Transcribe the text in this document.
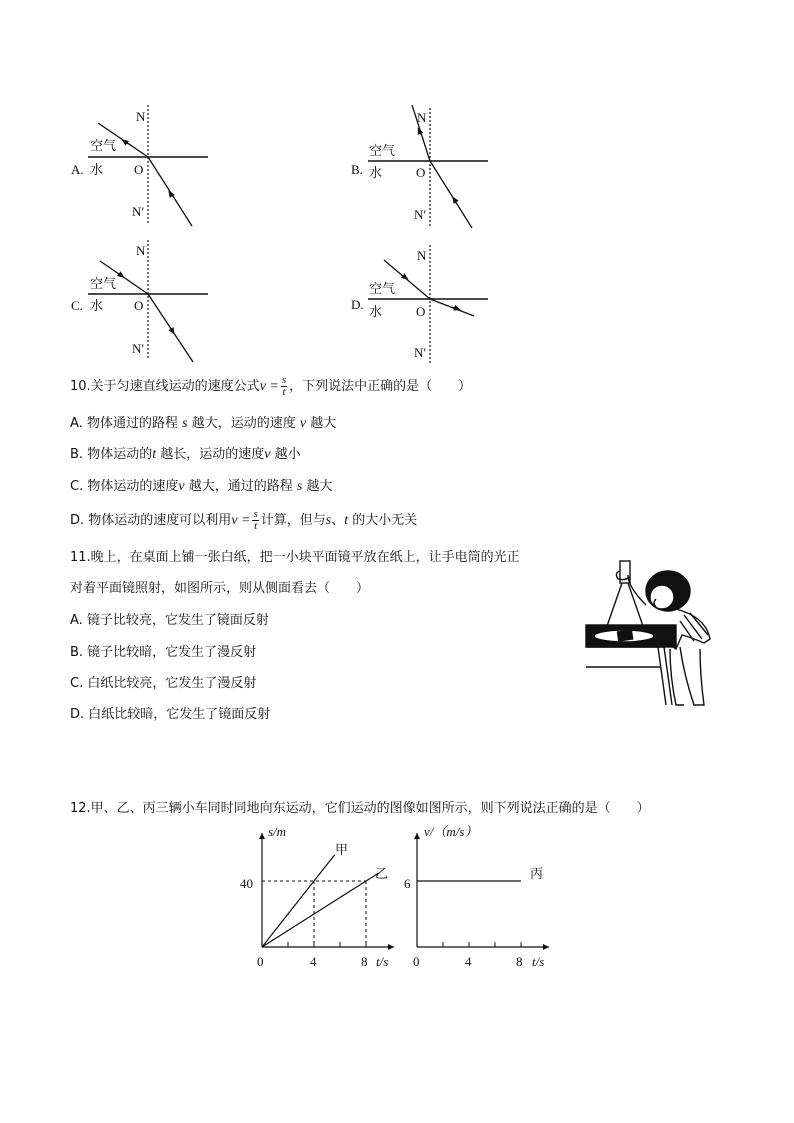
N
空气
水 O
N′
A.
N
空气
水	O
N′
B.
N
空气
水 O
N′
C.
N
空气
水	O
N′
D.
10.关于匀速直线运动的速度公式$v = \frac{s}{t}$ ，下列说法中正确的是（　　）
A. 物体通过的路程 s 越大，运动的速度 v 越大
B. 物体运动的t 越长，运动的速度v 越小
C. 物体运动的速度v 越大，通过的路程 s 越大
D. 物体运动的速度可以利用$v = \frac{s}{t}$ 计算，但与s、t 的大小无关
11.晚上，在桌面上铺一张白纸，把一小块平面镜平放在纸上，让手电筒的光正
对着平面镜照射，如图所示，则从侧面看去（　　）
A. 镜子比较亮，它发生了镜面反射
B. 镜子比较暗，它发生了漫反射
C. 白纸比较亮，它发生了漫反射
D. 白纸比较暗，它发生了镜面反射
12.甲、乙、丙三辆小车同时同地向东运动，它们运动的图像如图所示，则下列说法正确的是（　　）
s/m
t/s
40
0	4	8
甲
乙
v/（m/s）
t/s
6
0	4	8
丙
